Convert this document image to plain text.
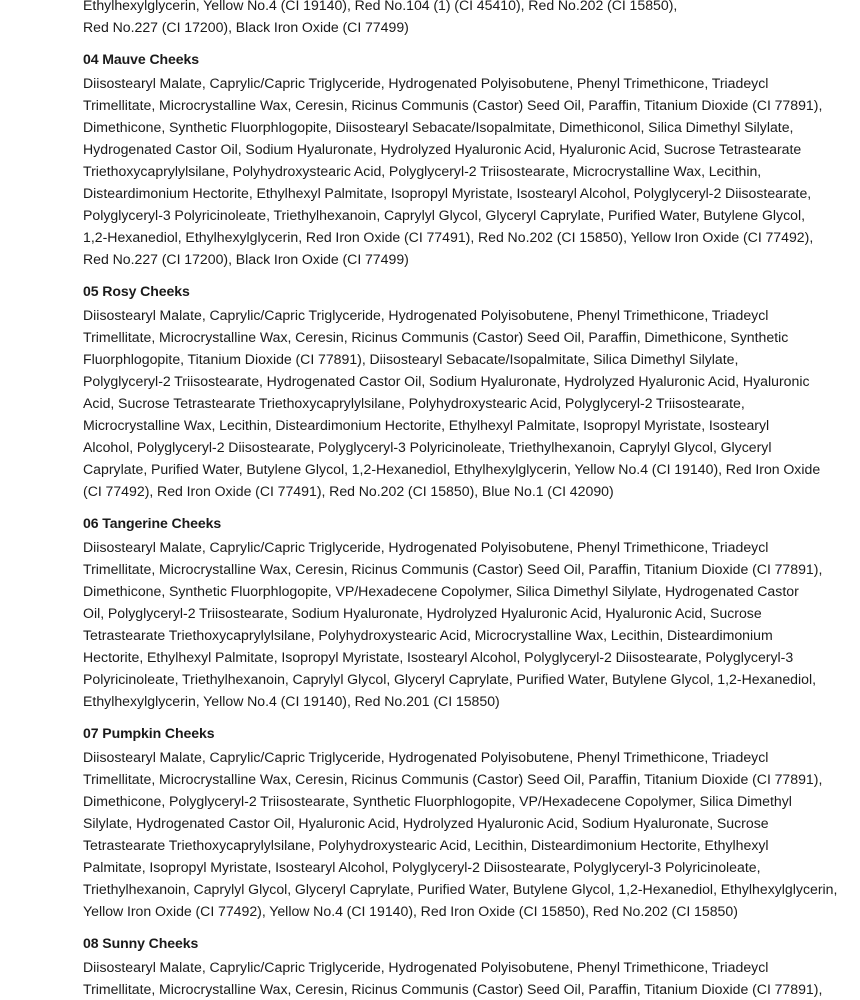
Ethylhexylglycerin, Yellow No.4 (CI 19140), Red No.104 (1) (CI 45410), Red No.202 (CI 15850),
Red No.227 (CI 17200), Black Iron Oxide (CI 77499)

04 Mauve Cheeks

Diisostearyl Malate, Caprylic/Capric Triglyceride, Hydrogenated Polyisobutene, Phenyl Trimethicone, Triadeycl
Trimellitate, Microcrystalline Wax, Ceresin, Ricinus Communis (Castor) Seed Oil, Paraffin, Titanium Dioxide (CI 77891),
Dimethicone, Synthetic Fluorphlogopite, Diisostearyl Sebacate/Isopalmitate, Dimethiconol, Silica Dimethyl Silylate,
Hydrogenated Castor Oil, Sodium Hyaluronate, Hydrolyzed Hyaluronic Acid, Hyaluronic Acid, Sucrose Tetrastearate
Triethoxycaprylylsilane, Polyhydroxystearic Acid, Polyglyceryl-2 Triisostearate, Microcrystalline Wax, Lecithin,
Disteardimonium Hectorite, Ethylhexyl Palmitate, Isopropyl Myristate, Isostearyl Alcohol, Polyglyceryl-2 Diisostearate,
Polyglyceryl-3 Polyricinoleate, Triethylhexanoin, Caprylyl Glycol, Glyceryl Caprylate, Purified Water, Butylene Glycol,
1,2-Hexanediol, Ethylhexylglycerin, Red Iron Oxide (CI 77491), Red No.202 (CI 15850), Yellow Iron Oxide (CI 77492),
Red No.227 (CI 17200), Black Iron Oxide (CI 77499)

05 Rosy Cheeks

Diisostearyl Malate, Caprylic/Capric Triglyceride, Hydrogenated Polyisobutene, Phenyl Trimethicone, Triadeycl
Trimellitate, Microcrystalline Wax, Ceresin, Ricinus Communis (Castor) Seed Oil, Paraffin, Dimethicone, Synthetic
Fluorphlogopite, Titanium Dioxide (CI 77891), Diisostearyl Sebacate/Isopalmitate, Silica Dimethyl Silylate,
Polyglyceryl-2 Triisostearate, Hydrogenated Castor Oil, Sodium Hyaluronate, Hydrolyzed Hyaluronic Acid, Hyaluronic
Acid, Sucrose Tetrastearate Triethoxycaprylylsilane, Polyhydroxystearic Acid, Polyglyceryl-2 Triisostearate,
Microcrystalline Wax, Lecithin, Disteardimonium Hectorite, Ethylhexyl Palmitate, Isopropyl Myristate, Isostearyl
Alcohol, Polyglyceryl-2 Diisostearate, Polyglyceryl-3 Polyricinoleate, Triethylhexanoin, Caprylyl Glycol, Glyceryl
Caprylate, Purified Water, Butylene Glycol, 1,2-Hexanediol, Ethylhexylglycerin, Yellow No.4 (CI 19140), Red Iron Oxide
(CI 77492), Red Iron Oxide (CI 77491), Red No.202 (CI 15850), Blue No.1 (CI 42090)

06 Tangerine Cheeks

Diisostearyl Malate, Caprylic/Capric Triglyceride, Hydrogenated Polyisobutene, Phenyl Trimethicone, Triadeycl
Trimellitate, Microcrystalline Wax, Ceresin, Ricinus Communis (Castor) Seed Oil, Paraffin, Titanium Dioxide (CI 77891),
Dimethicone, Synthetic Fluorphlogopite, VP/Hexadecene Copolymer, Silica Dimethyl Silylate, Hydrogenated Castor
Oil, Polyglyceryl-2 Triisostearate, Sodium Hyaluronate, Hydrolyzed Hyaluronic Acid, Hyaluronic Acid, Sucrose
Tetrastearate Triethoxycaprylylsilane, Polyhydroxystearic Acid, Microcrystalline Wax, Lecithin, Disteardimonium
Hectorite, Ethylhexyl Palmitate, Isopropyl Myristate, Isostearyl Alcohol, Polyglyceryl-2 Diisostearate, Polyglyceryl-3
Polyricinoleate, Triethylhexanoin, Caprylyl Glycol, Glyceryl Caprylate, Purified Water, Butylene Glycol, 1,2-Hexanediol,
Ethylhexylglycerin, Yellow No.4 (CI 19140), Red No.201 (CI 15850)

07 Pumpkin Cheeks

Diisostearyl Malate, Caprylic/Capric Triglyceride, Hydrogenated Polyisobutene, Phenyl Trimethicone, Triadeycl
Trimellitate, Microcrystalline Wax, Ceresin, Ricinus Communis (Castor) Seed Oil, Paraffin, Titanium Dioxide (CI 77891),
Dimethicone, Polyglyceryl-2 Triisostearate, Synthetic Fluorphlogopite, VP/Hexadecene Copolymer, Silica Dimethyl
Silylate, Hydrogenated Castor Oil, Hyaluronic Acid, Hydrolyzed Hyaluronic Acid, Sodium Hyaluronate, Sucrose
Tetrastearate Triethoxycaprylylsilane, Polyhydroxystearic Acid, Lecithin, Disteardimonium Hectorite, Ethylhexyl
Palmitate, Isopropyl Myristate, Isostearyl Alcohol, Polyglyceryl-2 Diisostearate, Polyglyceryl-3 Polyricinoleate,
Triethylhexanoin, Caprylyl Glycol, Glyceryl Caprylate, Purified Water, Butylene Glycol, 1,2-Hexanediol, Ethylhexylglycerin,
Yellow Iron Oxide (CI 77492), Yellow No.4 (CI 19140), Red Iron Oxide (CI 15850), Red No.202 (CI 15850)

08 Sunny Cheeks

Diisostearyl Malate, Caprylic/Capric Triglyceride, Hydrogenated Polyisobutene, Phenyl Trimethicone, Triadeycl
Trimellitate, Microcrystalline Wax, Ceresin, Ricinus Communis (Castor) Seed Oil, Paraffin, Titanium Dioxide (CI 77891),
